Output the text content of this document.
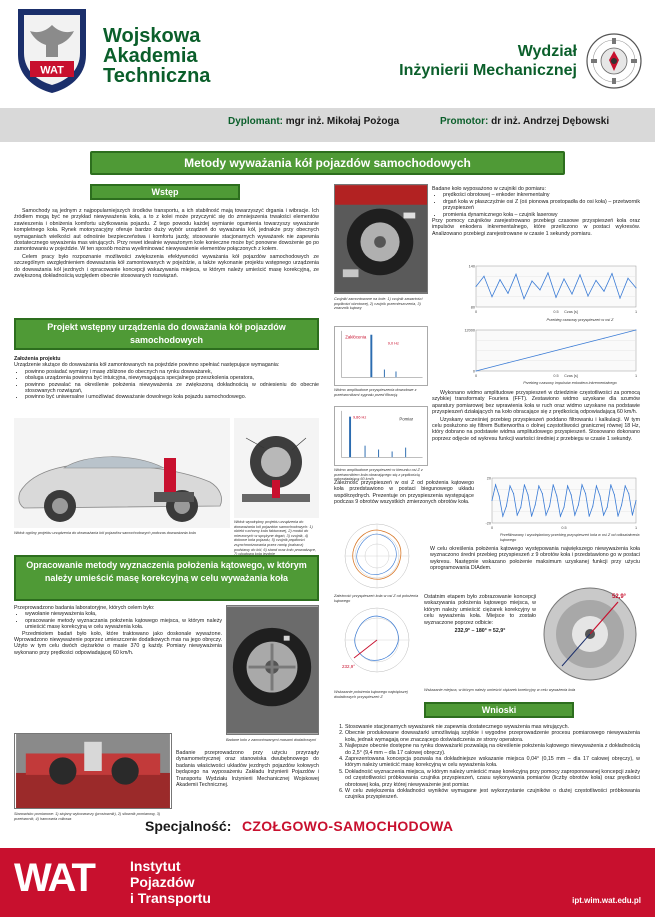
WAT
Wojskowa
Akademia
Techniczna
Wydział
Inżynierii Mechanicznej
Dyplomant: mgr inż. Mikołaj Pożoga	Promotor: dr inż. Andrzej Dębowski
Metody wyważania kół pojazdów samochodowych
Wstęp

Samochody są jednym z najpopularniejszych środków transportu, a ich stabilność mają towarzyszyć drgania i wibracje. Ich źródłem mogą być ne przykład niewyważenia koła, a to z kolei może przyczynić się do zmniejszenia trwałości elementów zawieszenia i obniżenia komfortu użytkowania pojazdu. Z tego powodu każdej wymianie ogumienia towarzyszy wyważanie kompletnego koła. Rynek motoryzacyjny oferuje bardzo duży wybór urządzeń do wyważania kół, jednakże przy obecnych wymaganiach wielkości aut odnośnie bezpieczeństwa i komfortu jazdy, stosowanie stacjonarnych wyważarek nie zapewnia dostatecznego wyważenia mas wirujących. Przy rewet idealnie wyważonym kole konieczne może być ponowne dowożenie go po zamontowaniu w pojeździe. W ten sposób można wyeliminować niewyważenie elementów połączonych z kołem.

Celem pracy było rozpoznanie możliwości zwiększenia efektywności wyważania kół pojazdów samochodowych ze szczególnym uwzględnieniem dowważania kół zamontowanych w pojeździe, a także wykonanie projektu wstępnego urządzenia do dowważania kół jezdnych i opracowanie koncepcji wskazywania miejsca, w którym należy umieścić masę korekcyjną, ze zwiększoną dokładnością względem obecnie stosowanych rozwiązań.

Projekt wstępny urządzenia do doważania kół pojazdów samochodowych
Założenia projektu
Urządzenie służące do dowważania kół zamontowanych na pojeździe powinno spełniać następujące wymagania:
• powinno posiadać wymiary i masę zbliżone do obecnych na rynku dowważarek,
• obsługa urządzenia powinna być intuicyjna, niewymagająca specjalnego przeszkolenia operatora,
• powinno pozwalać na określenie położenia niewyważenia ze zwiększoną dokładnością w odniesieniu do obecnie stosowanych rozwiązań,
• powinno być uniwersalne i umożliwiać dowważanie dowolnego koła pojazdu samochodowego.
Widok ogólny projektu urządzenia do dowważania kół pojazdów samochodowych podczas dowważania koła
Widok wyodrębny projektu urządzenia do dowważania kół pojazdów samochodowych: 1) obiekt ruchomy koła fakturowej, 2) moduł do mierzonych w sprężyne drgań, 3) czujnik, 4) dokowe koła pojazdu, 5) czujnik prędkości zsynchronizowania przez ramię (wahacz) podstawy do kół, 6) stand oraz koło prowadzące,
Opracowanie metody wyznaczenia położenia kątowego, w którym należy umieścić masę korekcyjną w celu wyważania koła
Przeprowadzono badania laboratoryjne, których celem było:
• wywołanie niewyważenia koła,
• opracowanie metody wyznaczania położenia kątowego miejsca, w którym należy umieścić masę korekcyjną w celu wyważenia koła.

Przedmiotem badań było koło, które traktowano jako doskonale wyważone. Wprowadzono niewyważenie poprzez umieszczenie dodatkowych mas na jego obręczy. Użyto w tym celu dwóch ciężarków o masie 370 g każdy. Pomiary niewyważenia wykonano przy prędkości odpowiadającej 60 km/h.

Badane koło z zamontowanymi masami dodatkowymi
Stanowisko pomiarowe: 1) stojany wykonawczy (prostownik), 2) siłownik pomiarowy, 3) przetwornik, 4) hamownia rolkowa
Badanie przeprowadzono przy użyciu przyrządy dynamometrycznej oraz stanowiska dwubębnowego do badania właściwości układów jezdnych pojazdów kołowych będącego na wyposażeniu Zakładu Inżynierii Pojazdów i Transportu Wydziału Inżynierii Mechanicznej Wojskowej Akademii Technicznej.
Czujniki zamontowane na kole: 1) czujnik zawartości prędkości obrotowej, 2) czujnik przemieszczenia, 3) znacznik kątowy
Badane koło wyposażono w czujniki do pomiaru:
• prędkości obrotowej – enkoder inkrementalny
• drgań koła w płaszczyźnie osi Z (oś pionowa prostopadła do osi koła) – przetwornik przyspieszeń
• promienia dynamicznego koła – czujnik laserowy
Przy pomocy czujników zarejestrowano przebiegi czasowe przyspieszeń koła oraz impulsów enkodera inkrementalnego, które przeliczono w postaci wykresów. Analizowano przebiegi zarejestrowane w czasie 1 sekundy pomiaru.
80
140
0	0.5	1
Czas [s]
Przebieg czasowy przyspieszeń w osi Z
0
12000
0	0.5	1
Czas [s]
Przebieg czasowy impulsów enkodera inkrementalnego
Zakłócenia
9,0 Hz
Widmo amplitudowe przyspieszenia dowodowe z przetwornikami sygnału przed filtracją
9,86 Hz	Pomiar
Widmo amplitudowe przyspieszeń w kierunku osi Z z przetwornikiem koła obracającego się z prędkością odpowiadającą 60 km/h

Wykonano widmo amplitudowe przyspieszeń w dziedzinie częstotliwości za pomocą szybkiej transformaty Fouriera (FFT). Zestawiono widmo uzyskane dla szumów aparatury pomiarowej bez wprawienia koła w ruch oraz widmo uzyskane na podstawie przyspieszeń działających na koło obracające się z prędkością odpowiadającą 60 km/h.

Uzyskany wcześniej przebieg przyspieszeń poddano filtrowaniu i kalkulacji. W tym celu posłużono się filtrem Butterwortha o dolnej częstotliwości granicznej równej 18 Hz, który dobrano na podstawie widma amplitudowego przyspieszeń. Stosowano dokonano poprzez odjęcie od wykresu funkcji wartości średniej z przebiegu w czasie 1 sekundy.

Zależność przyspieszeń w osi Z od położenia kątowego koła przedstawiono w postaci biegunowego układu współrzędnych. Prezentuje on przyspieszenia występujące podczas 9 obrotów wszystkich zmierzonych obrotów koła.
-20
20
0	0.5	1
Przefiltrowany i wyodrębniony przebieg przyspieszeń koła w osi Z od odkształcenia kątowego
Zależność przyspieszeń koła w osi Z od położenia kątowego
W celu określenia położenia kątowego występowania największego niewyważenia koła wyznaczono średni przebieg przyspieszeń z 9 obrotów koła i przedstawiono go w postaci wykresu. Następnie wskazano położenie maksimum uzyskanej funkcji przy użyciu oprogramowania DIAdem.
232,9°
Wskazanie położenia kątowego największej dodatkowych przyspieszeń Z
Ostatnim etapem było zobrazowanie koncepcji wskazywania położenia kątowego miejsca, w którym należy umieścić ciężarek korekcyjny w celu wyważenia koła. Miejsce to zostało wyznaczone poprzez odbicie:
232,9° – 180° = 52,9°
52,9°
Wskazanie miejsca, w którym należy umieścić ciężarek korekcyjny w celu wyważenia koła
Wnioski
1. Stosowanie stacjonarnych wyważarek nie zapewnia dostatecznego wyważenia mas wirujących.
2. Obecnie produkowane dowważarki umożliwiają szybkie i wygodne przeprowadzenie procesu pomiarowego niewyważenia koła, jednak wymagają one znaczącego doświadczenia ze strony operatora.
3. Najlepsze obecnie dostępne na rynku dowważarki pozwalają na określenie położenia kątowego niewyważenia z dokładnością do 2,5° (9,4 mm – dla 17 calowej obręczy).
4. Zaprezentowana koncepcja pozwala na dokładniejsze wskazanie miejsca 0,04° (0,15 mm – dla 17 calowej obręczy), w którym należy umieścić masę korekcyjną w celu wyważenia koła.
5. Dokładność wyznaczenia miejsca, w którym należy umieścić masę korekcyjną przy pomocy zaproponowanej koncepcji zależy od częstotliwości próbkowania czujnika przyspieszeń, czasu wykonywania pomiarów (liczby obrotów koła) oraz prędkości obrotowej koła, przy której niewyważenie jest pomiar.
6. W celu zwiększenia dokładności wyników wymagane jest wykorzystanie czujników o dużej częstotliwości próbkowania czujnika przyspieszeń.
Specjalność: CZOŁGOWO-SAMOCHODOWA
WAT	Instytut
Pojazdów
i Transportu	ipt.wim.wat.edu.pl
